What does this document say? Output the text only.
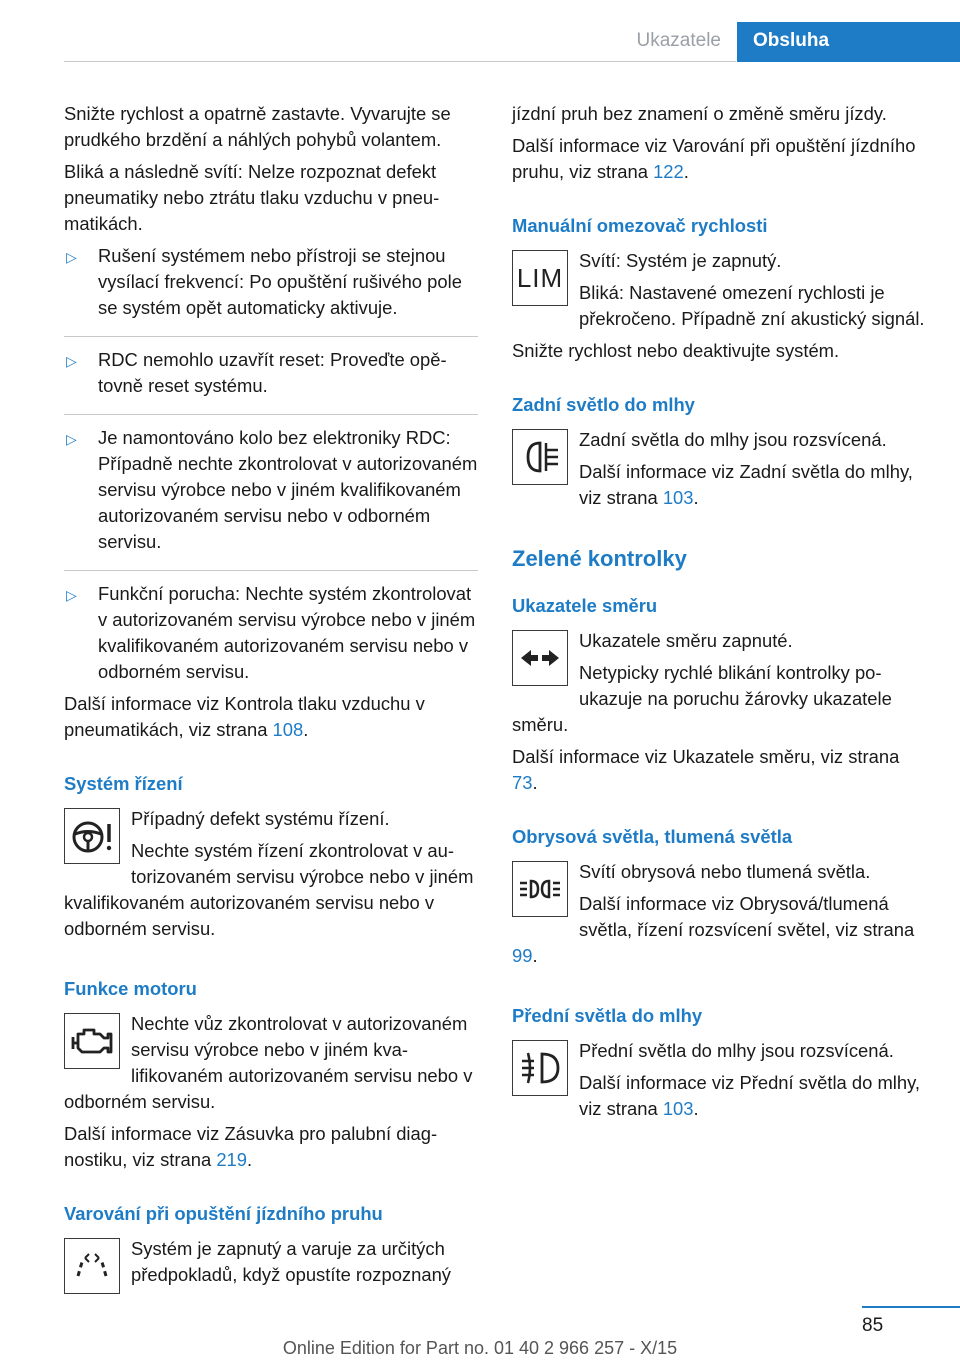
Ukazatele	Obsluha

Snižte rychlost a opatrně zastavte. Vyvarujte se prudkého brzdění a náhlých pohybů volantem.

Bliká a následně svítí: Nelze rozpoznat defekt pneumatiky nebo ztrátu tlaku vzduchu v pneumatikách.

▷ Rušení systémem nebo přístroji se stejnou vysílací frekvencí: Po opuštění rušivého pole se systém opět automaticky aktivuje.
▷ RDC nemohlo uzavřít reset: Proveďte opětovně reset systému.
▷ Je namontováno kolo bez elektroniky RDC: Případně nechte zkontrolovat v autorizovaném servisu výrobce nebo v jiném kvalifikovaném autorizovaném servisu nebo v odborném servisu.
▷ Funkční porucha: Nechte systém zkontrolovat v autorizovaném servisu výrobce nebo v jiném kvalifikovaném autorizovaném servisu nebo v odborném servisu.

Další informace viz Kontrola tlaku vzduchu v pneumatikách, viz strana 108.

Systém řízení

Případný defekt systému řízení.

Nechte systém řízení zkontrolovat v autorizovaném servisu výrobce nebo v jiném kvalifikovaném autorizovaném servisu nebo v odborném servisu.

Funkce motoru

Nechte vůz zkontrolovat v autorizovaném servisu výrobce nebo v jiném kvalifikovaném autorizovaném servisu nebo v odborném servisu.

Další informace viz Zásuvka pro palubní diagnostiku, viz strana 219.

Varování při opuštění jízdního pruhu

Systém je zapnutý a varuje za určitých předpokladů, když opustíte rozpoznaný

jízdní pruh bez znamení o změně směru jízdy.

Další informace viz Varování při opuštění jízdního pruhu, viz strana 122.

Manuální omezovač rychlosti
LIM

Svítí: Systém je zapnutý.

Bliká: Nastavené omezení rychlosti je překročeno. Případně zní akustický signál.

Snižte rychlost nebo deaktivujte systém.

Zadní světlo do mlhy

Zadní světla do mlhy jsou rozsvícená.

Další informace viz Zadní světla do mlhy, viz strana 103.

Zelené kontrolky
Ukazatele směru

Ukazatele směru zapnuté.

Netypicky rychlé blikání kontrolky poukazuje na poruchu žárovky ukazatele směru.

Další informace viz Ukazatele směru, viz strana 73.

Obrysová světla, tlumená světla

Svítí obrysová nebo tlumená světla.

Další informace viz Obrysová/tlumená světla, řízení rozsvícení světel, viz strana 99.

Přední světla do mlhy

Přední světla do mlhy jsou rozsvícená.

Další informace viz Přední světla do mlhy, viz strana 103.

85
Online Edition for Part no. 01 40 2 966 257 - X/15
